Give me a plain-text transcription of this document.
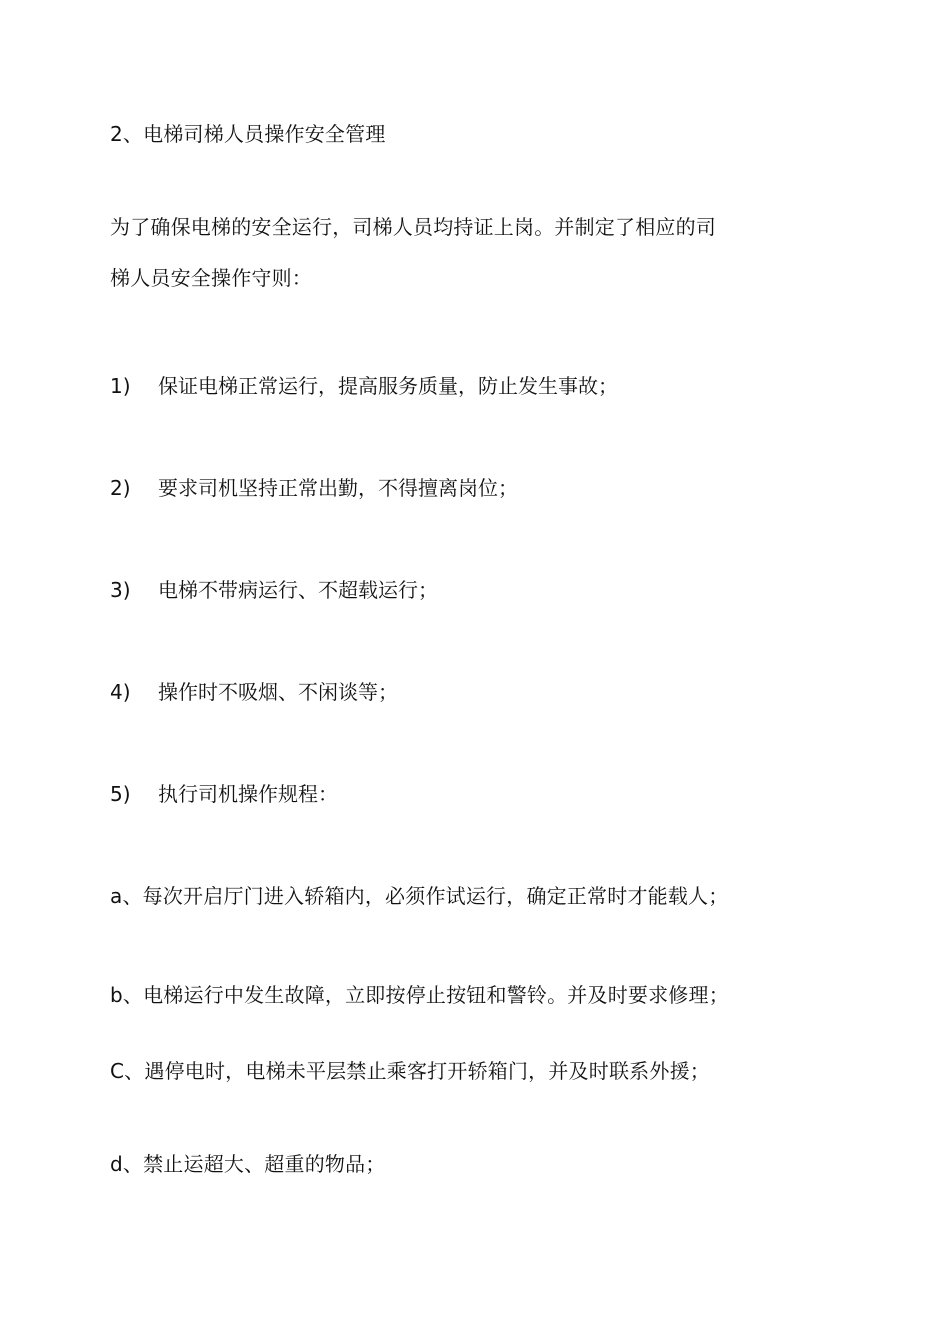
2、电梯司梯人员操作安全管理
为了确保电梯的安全运行，司梯人员均持证上岗。并制定了相应的司
梯人员安全操作守则：
1) 保证电梯正常运行，提高服务质量，防止发生事故；
2) 要求司机坚持正常出勤，不得擅离岗位；
3) 电梯不带病运行、不超载运行；
4) 操作时不吸烟、不闲谈等；
5) 执行司机操作规程：
a、每次开启厅门进入轿箱内，必须作试运行，确定正常时才能载人；
b、电梯运行中发生故障，立即按停止按钮和警铃。并及时要求修理；
C、遇停电时，电梯未平层禁止乘客打开轿箱门，并及时联系外援；
d、禁止运超大、超重的物品；
